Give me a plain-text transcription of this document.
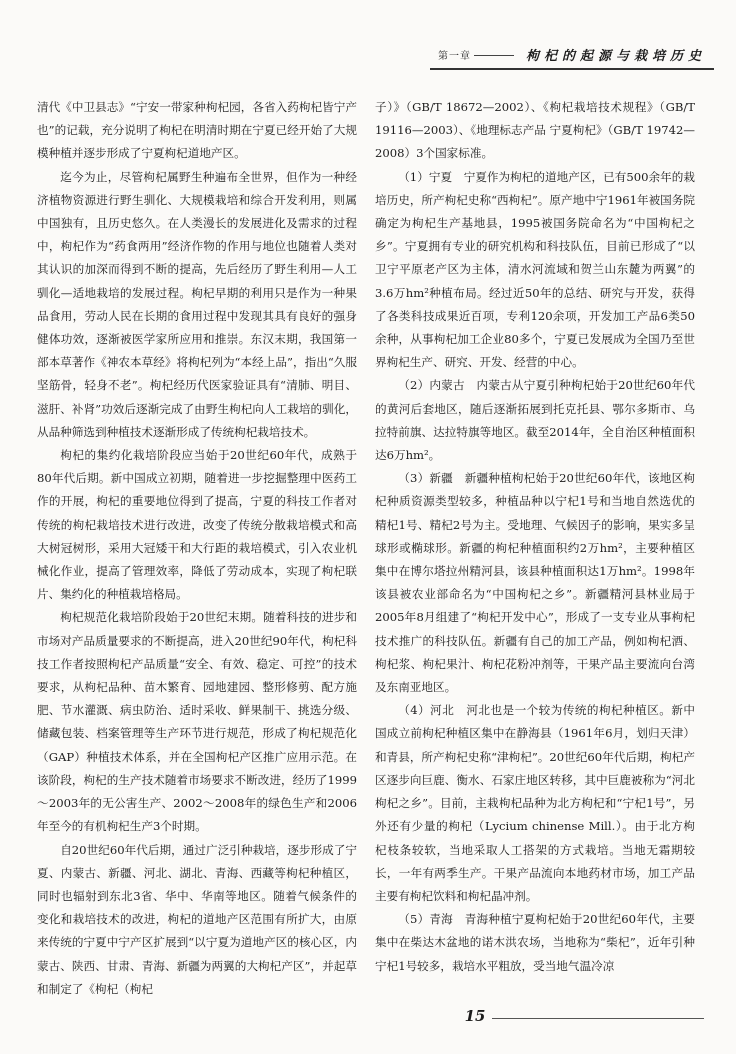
第一章	枸杞的起源与栽培历史

清代《中卫县志》“宁安一带家种枸杞园，各省入药枸杞皆宁产也”的记载，充分说明了枸杞在明清时期在宁夏已经开始了大规模种植并逐步形成了宁夏枸杞道地产区。

迄今为止，尽管枸杞属野生种遍布全世界，但作为一种经济植物资源进行野生驯化、大规模栽培和综合开发利用，则属中国独有，且历史悠久。在人类漫长的发展进化及需求的过程中，枸杞作为“药食两用”经济作物的作用与地位也随着人类对其认识的加深而得到不断的提高，先后经历了野生利用—人工驯化—适地栽培的发展过程。枸杞早期的利用只是作为一种果品食用，劳动人民在长期的食用过程中发现其具有良好的强身健体功效，逐渐被医学家所应用和推崇。东汉末期，我国第一部本草著作《神农本草经》将枸杞列为“本经上品”，指出“久服坚筋骨，轻身不老”。枸杞经历代医家验证具有“清肺、明目、滋肝、补肾”功效后逐渐完成了由野生枸杞向人工栽培的驯化，从品种筛选到种植技术逐渐形成了传统枸杞栽培技术。

枸杞的集约化栽培阶段应当始于20世纪60年代，成熟于80年代后期。新中国成立初期，随着进一步挖掘整理中医药工作的开展，枸杞的重要地位得到了提高，宁夏的科技工作者对传统的枸杞栽培技术进行改进，改变了传统分散栽培模式和高大树冠树形，采用大冠矮干和大行距的栽培模式，引入农业机械化作业，提高了管理效率，降低了劳动成本，实现了枸杞联片、集约化的种植栽培格局。

枸杞规范化栽培阶段始于20世纪末期。随着科技的进步和市场对产品质量要求的不断提高，进入20世纪90年代，枸杞科技工作者按照枸杞产品质量“安全、有效、稳定、可控”的技术要求，从枸杞品种、苗木繁育、园地建园、整形修剪、配方施肥、节水灌溉、病虫防治、适时采收、鲜果制干、挑选分级、储藏包装、档案管理等生产环节进行规范，形成了枸杞规范化（GAP）种植技术体系，并在全国枸杞产区推广应用示范。在该阶段，枸杞的生产技术随着市场要求不断改进，经历了1999～2003年的无公害生产、2002～2008年的绿色生产和2006年至今的有机枸杞生产3个时期。

自20世纪60年代后期，通过广泛引种栽培，逐步形成了宁夏、内蒙古、新疆、河北、湖北、青海、西藏等枸杞种植区，同时也辐射到东北3省、华中、华南等地区。随着气候条件的变化和栽培技术的改进，枸杞的道地产区范围有所扩大，由原来传统的宁夏中宁产区扩展到“以宁夏为道地产区的核心区，内蒙古、陕西、甘肃、青海、新疆为两翼的大枸杞产区”，并起草和制定了《枸杞（枸杞

子）》（GB/T 18672—2002）、《枸杞栽培技术规程》（GB/T 19116—2003）、《地理标志产品 宁夏枸杞》（GB/T 19742—2008）3个国家标准。

（1）宁夏　宁夏作为枸杞的道地产区，已有500余年的栽培历史，所产枸杞史称“西枸杞”。原产地中宁1961年被国务院确定为枸杞生产基地县，1995被国务院命名为“中国枸杞之乡”。宁夏拥有专业的研究机构和科技队伍，目前已形成了“以卫宁平原老产区为主体，清水河流域和贺兰山东麓为两翼”的3.6万hm²种植布局。经过近50年的总结、研究与开发，获得了各类科技成果近百项，专利120余项，开发加工产品6类50余种，从事枸杞加工企业80多个，宁夏已发展成为全国乃至世界枸杞生产、研究、开发、经营的中心。

（2）内蒙古　内蒙古从宁夏引种枸杞始于20世纪60年代的黄河后套地区，随后逐渐拓展到托克托县、鄂尔多斯市、乌拉特前旗、达拉特旗等地区。截至2014年，全自治区种植面积达6万hm²。

（3）新疆　新疆种植枸杞始于20世纪60年代，该地区枸杞种质资源类型较多，种植品种以宁杞1号和当地自然选优的精杞1号、精杞2号为主。受地理、气候因子的影响，果实多呈球形或椭球形。新疆的枸杞种植面积约2万hm²，主要种植区集中在博尔塔拉州精河县，该县种植面积达1万hm²。1998年该县被农业部命名为“中国枸杞之乡”。新疆精河县林业局于2005年8月组建了“枸杞开发中心”，形成了一支专业从事枸杞技术推广的科技队伍。新疆有自己的加工产品，例如枸杞酒、枸杞浆、枸杞果汁、枸杞花粉冲剂等，干果产品主要流向台湾及东南亚地区。

（4）河北　河北也是一个较为传统的枸杞种植区。新中国成立前枸杞种植区集中在静海县（1961年6月，划归天津）和青县，所产枸杞史称“津枸杞”。20世纪60年代后期，枸杞产区逐步向巨鹿、衡水、石家庄地区转移，其中巨鹿被称为“河北枸杞之乡”。目前，主栽枸杞品种为北方枸杞和“宁杞1号”，另外还有少量的枸杞（Lycium chinense Mill.）。由于北方枸杞枝条较软，当地采取人工搭架的方式栽培。当地无霜期较长，一年有两季生产。干果产品流向本地药材市场，加工产品主要有枸杞饮料和枸杞晶冲剂。

（5）青海　青海种植宁夏枸杞始于20世纪60年代，主要集中在柴达木盆地的诺木洪农场，当地称为“柴杞”，近年引种宁杞1号较多，栽培水平粗放，受当地气温冷凉

15
